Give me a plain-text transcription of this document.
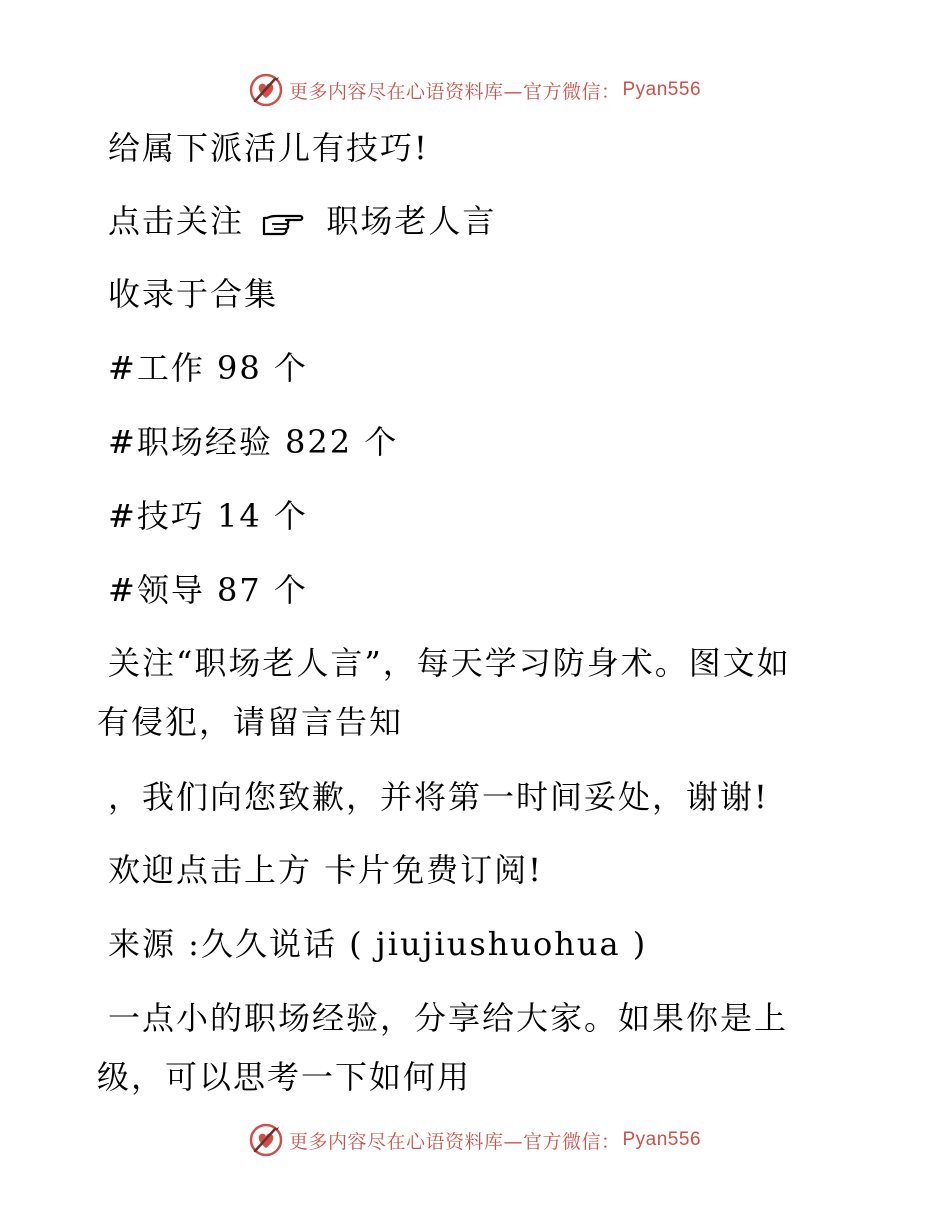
更多内容尽在心语资料库—官方微信： Pyan556
给属下派活儿有技巧!
点击关注	职场老人言
收录于合集
#工作 98 个
#职场经验 822 个
#技巧 14 个
#领导 87 个
关注“职场老人言”，每天学习防身术。图文如
有侵犯，请留言告知
，我们向您致歉，并将第一时间妥处，谢谢!
欢迎点击上方 卡片免费订阅!
来源 :久久说话 ( jiujiushuohua )
一点小的职场经验，分享给大家。如果你是上
级，可以思考一下如何用
更多内容尽在心语资料库—官方微信： Pyan556
